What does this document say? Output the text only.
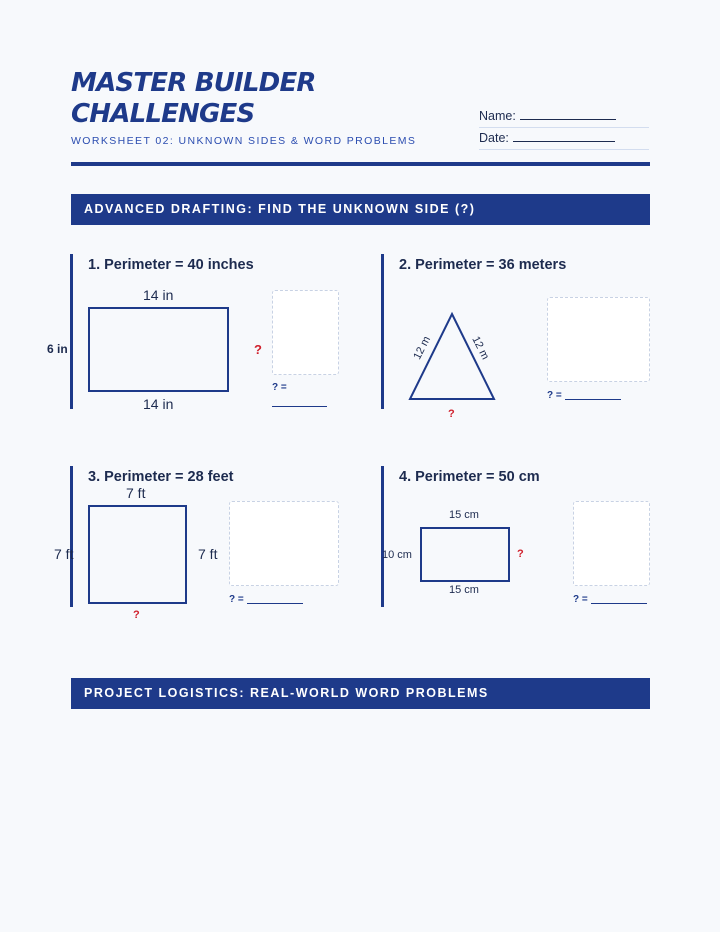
MASTER BUILDER
CHALLENGES

WORKSHEET 02: UNKNOWN SIDES & WORD PROBLEMS

Name:
Date:
ADVANCED DRAFTING: FIND THE UNKNOWN SIDE (?)
1. Perimeter = 40 inches
14 in
6 in	?
14 in
? =
2. Perimeter = 36 meters
12 m	12 m
?
? =
3. Perimeter = 28 feet
7 ft
7 ft	7 ft
?
? =
4. Perimeter = 50 cm
15 cm
10 cm	?
15 cm
? =
PROJECT LOGISTICS: REAL-WORLD WORD PROBLEMS
